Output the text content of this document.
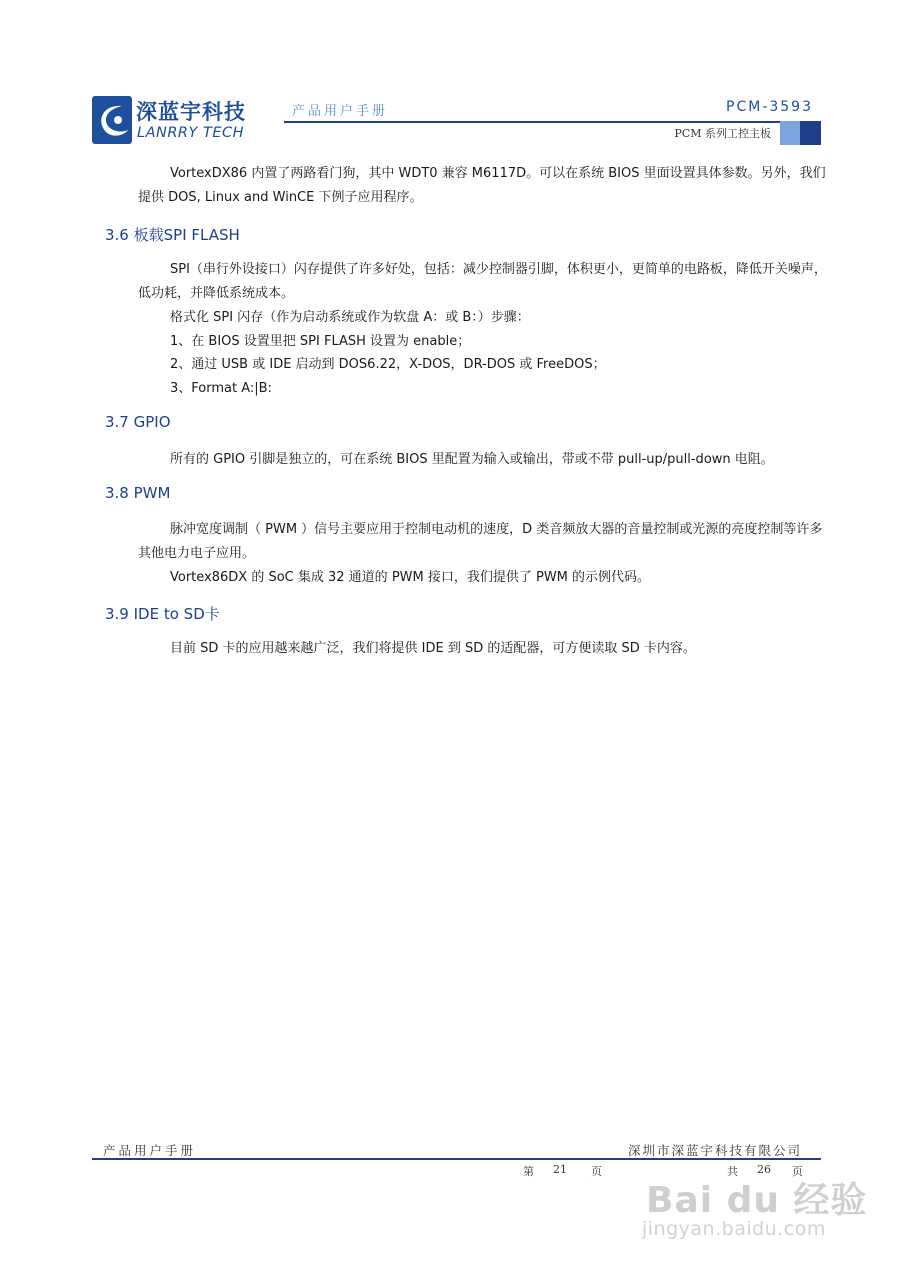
深蓝宇科技
LANRRY TECH
产品用户手册	PCM-3593
PCM 系列工控主板
VortexDX86 内置了两路看门狗，其中 WDT0 兼容 M6117D。可以在系统 BIOS 里面设置具体参数。另外，我们提供 DOS, Linux and WinCE 下例子应用程序。
3.6 板载SPI FLASH
SPI（串行外设接口）闪存提供了许多好处，包括：减少控制器引脚，体积更小，更简单的电路板，降低开关噪声，低功耗，并降低系统成本。
格式化 SPI 闪存（作为启动系统或作为软盘 A：或 B：）步骤：
1、在 BIOS 设置里把 SPI FLASH 设置为 enable；
2、通过 USB 或 IDE 启动到 DOS6.22，X-DOS，DR-DOS 或 FreeDOS；
3、Format A:|B:
3.7 GPIO
所有的 GPIO 引脚是独立的，可在系统 BIOS 里配置为输入或输出，带或不带 pull-up/pull-down 电阻。
3.8 PWM
脉冲宽度调制（ PWM ）信号主要应用于控制电动机的速度，D 类音频放大器的音量控制或光源的亮度控制等许多其他电力电子应用。
Vortex86DX 的 SoC 集成 32 通道的 PWM 接口，我们提供了 PWM 的示例代码。
3.9 IDE to SD卡
目前 SD 卡的应用越来越广泛，我们将提供 IDE 到 SD 的适配器，可方便读取 SD 卡内容。
产品用户手册	深圳市深蓝宇科技有限公司
第 21 页	共 26 页
Bai du 经验
jingyan.baidu.com
